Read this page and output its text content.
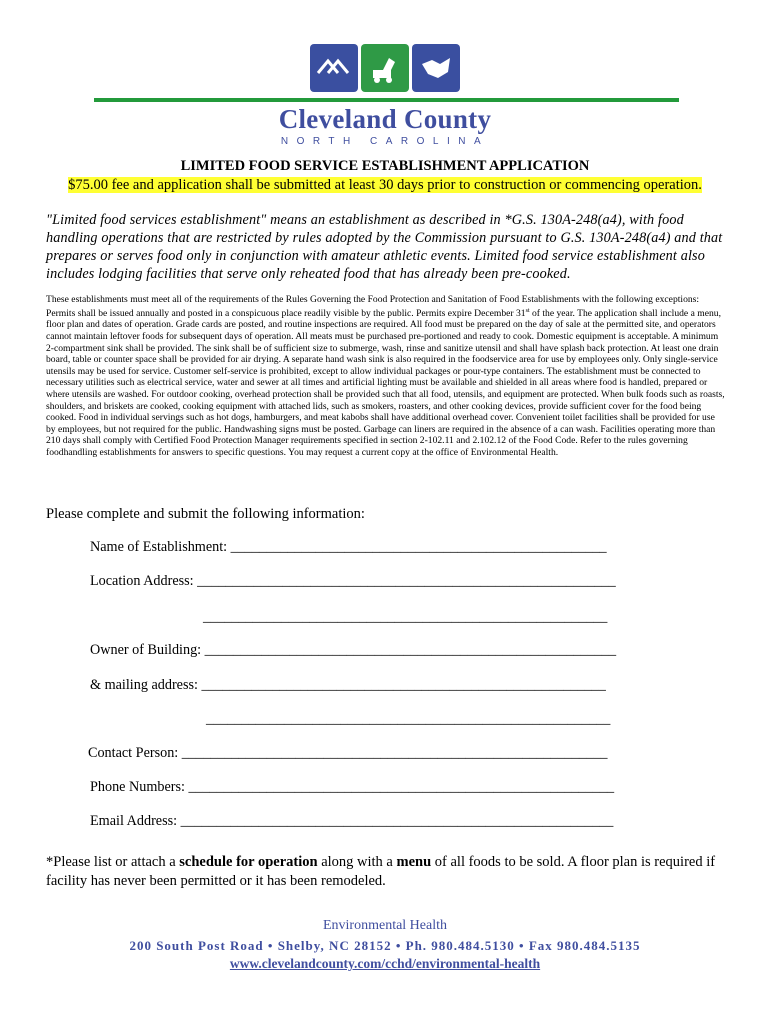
Cleveland County
NORTH CAROLINA
LIMITED FOOD SERVICE ESTABLISHMENT APPLICATION
$75.00 fee and application shall be submitted at least 30 days prior to construction or commencing operation.
"Limited food services establishment" means an establishment as described in *G.S. 130A-248(a4), with food handling operations that are restricted by rules adopted by the Commission pursuant to G.S. 130A-248(a4) and that prepares or serves food only in conjunction with amateur athletic events. Limited food service establishment also includes lodging facilities that serve only reheated food that has already been pre-cooked.

These establishments must meet all of the requirements of the Rules Governing the Food Protection and Sanitation of Food Establishments with the following exceptions: Permits shall be issued annually and posted in a conspicuous place readily visible by the public. Permits expire December 31st of the year. The application shall include a menu, floor plan and dates of operation. Grade cards are posted, and routine inspections are required. All food must be prepared on the day of sale at the permitted site, and operators cannot maintain leftover foods for subsequent days of operation. All meats must be purchased pre-portioned and ready to cook. Domestic equipment is acceptable. A minimum 2-compartment sink shall be provided. The sink shall be of sufficient size to submerge, wash, rinse and sanitize utensil and shall have splash back protection. At least one drain board, table or counter space shall be provided for air drying. A separate hand wash sink is also required in the foodservice area for use by employees only. Only single-service utensils may be used for service. Customer self-service is prohibited, except to allow individual packages or pour-type containers. The establishment must be connected to necessary utilities such as electrical service, water and sewer at all times and artificial lighting must be available and shielded in all areas where food is handled, prepared or where utensils are washed. For outdoor cooking, overhead protection shall be provided such that all food, utensils, and equipment are protected. When bulk foods such as roasts, shoulders, and briskets are cooked, cooking equipment with attached lids, such as smokers, roasters, and other cooking devices, provide sufficient cover for the food being cooked. Food in individual servings such as hot dogs, hamburgers, and meat kabobs shall have additional overhead cover. Convenient toilet facilities shall be provided for use by employees, but not required for the public. Handwashing signs must be posted. Garbage can liners are required in the absence of a can wash. Facilities operating more than 210 days shall comply with Certified Food Protection Manager requirements specified in section 2-102.11 and 2.102.12 of the Food Code. Refer to the rules governing foodhandling establishments for answers to specific questions. You may request a current copy at the office of Environmental Health.

Please complete and submit the following information:
Name of Establishment: _____________________________________________________
Location Address: ___________________________________________________________
_________________________________________________________
Owner of Building: __________________________________________________________
& mailing address: _________________________________________________________
_________________________________________________________
Contact Person: ____________________________________________________________
Phone Numbers: ____________________________________________________________
Email Address: _____________________________________________________________
*Please list or attach a schedule for operation along with a menu of all foods to be sold. A floor plan is required if facility has never been permitted or it has been remodeled.
Environmental Health
200 South Post Road • Shelby, NC 28152 • Ph. 980.484.5130 • Fax 980.484.5135
www.clevelandcounty.com/cchd/environmental-health
